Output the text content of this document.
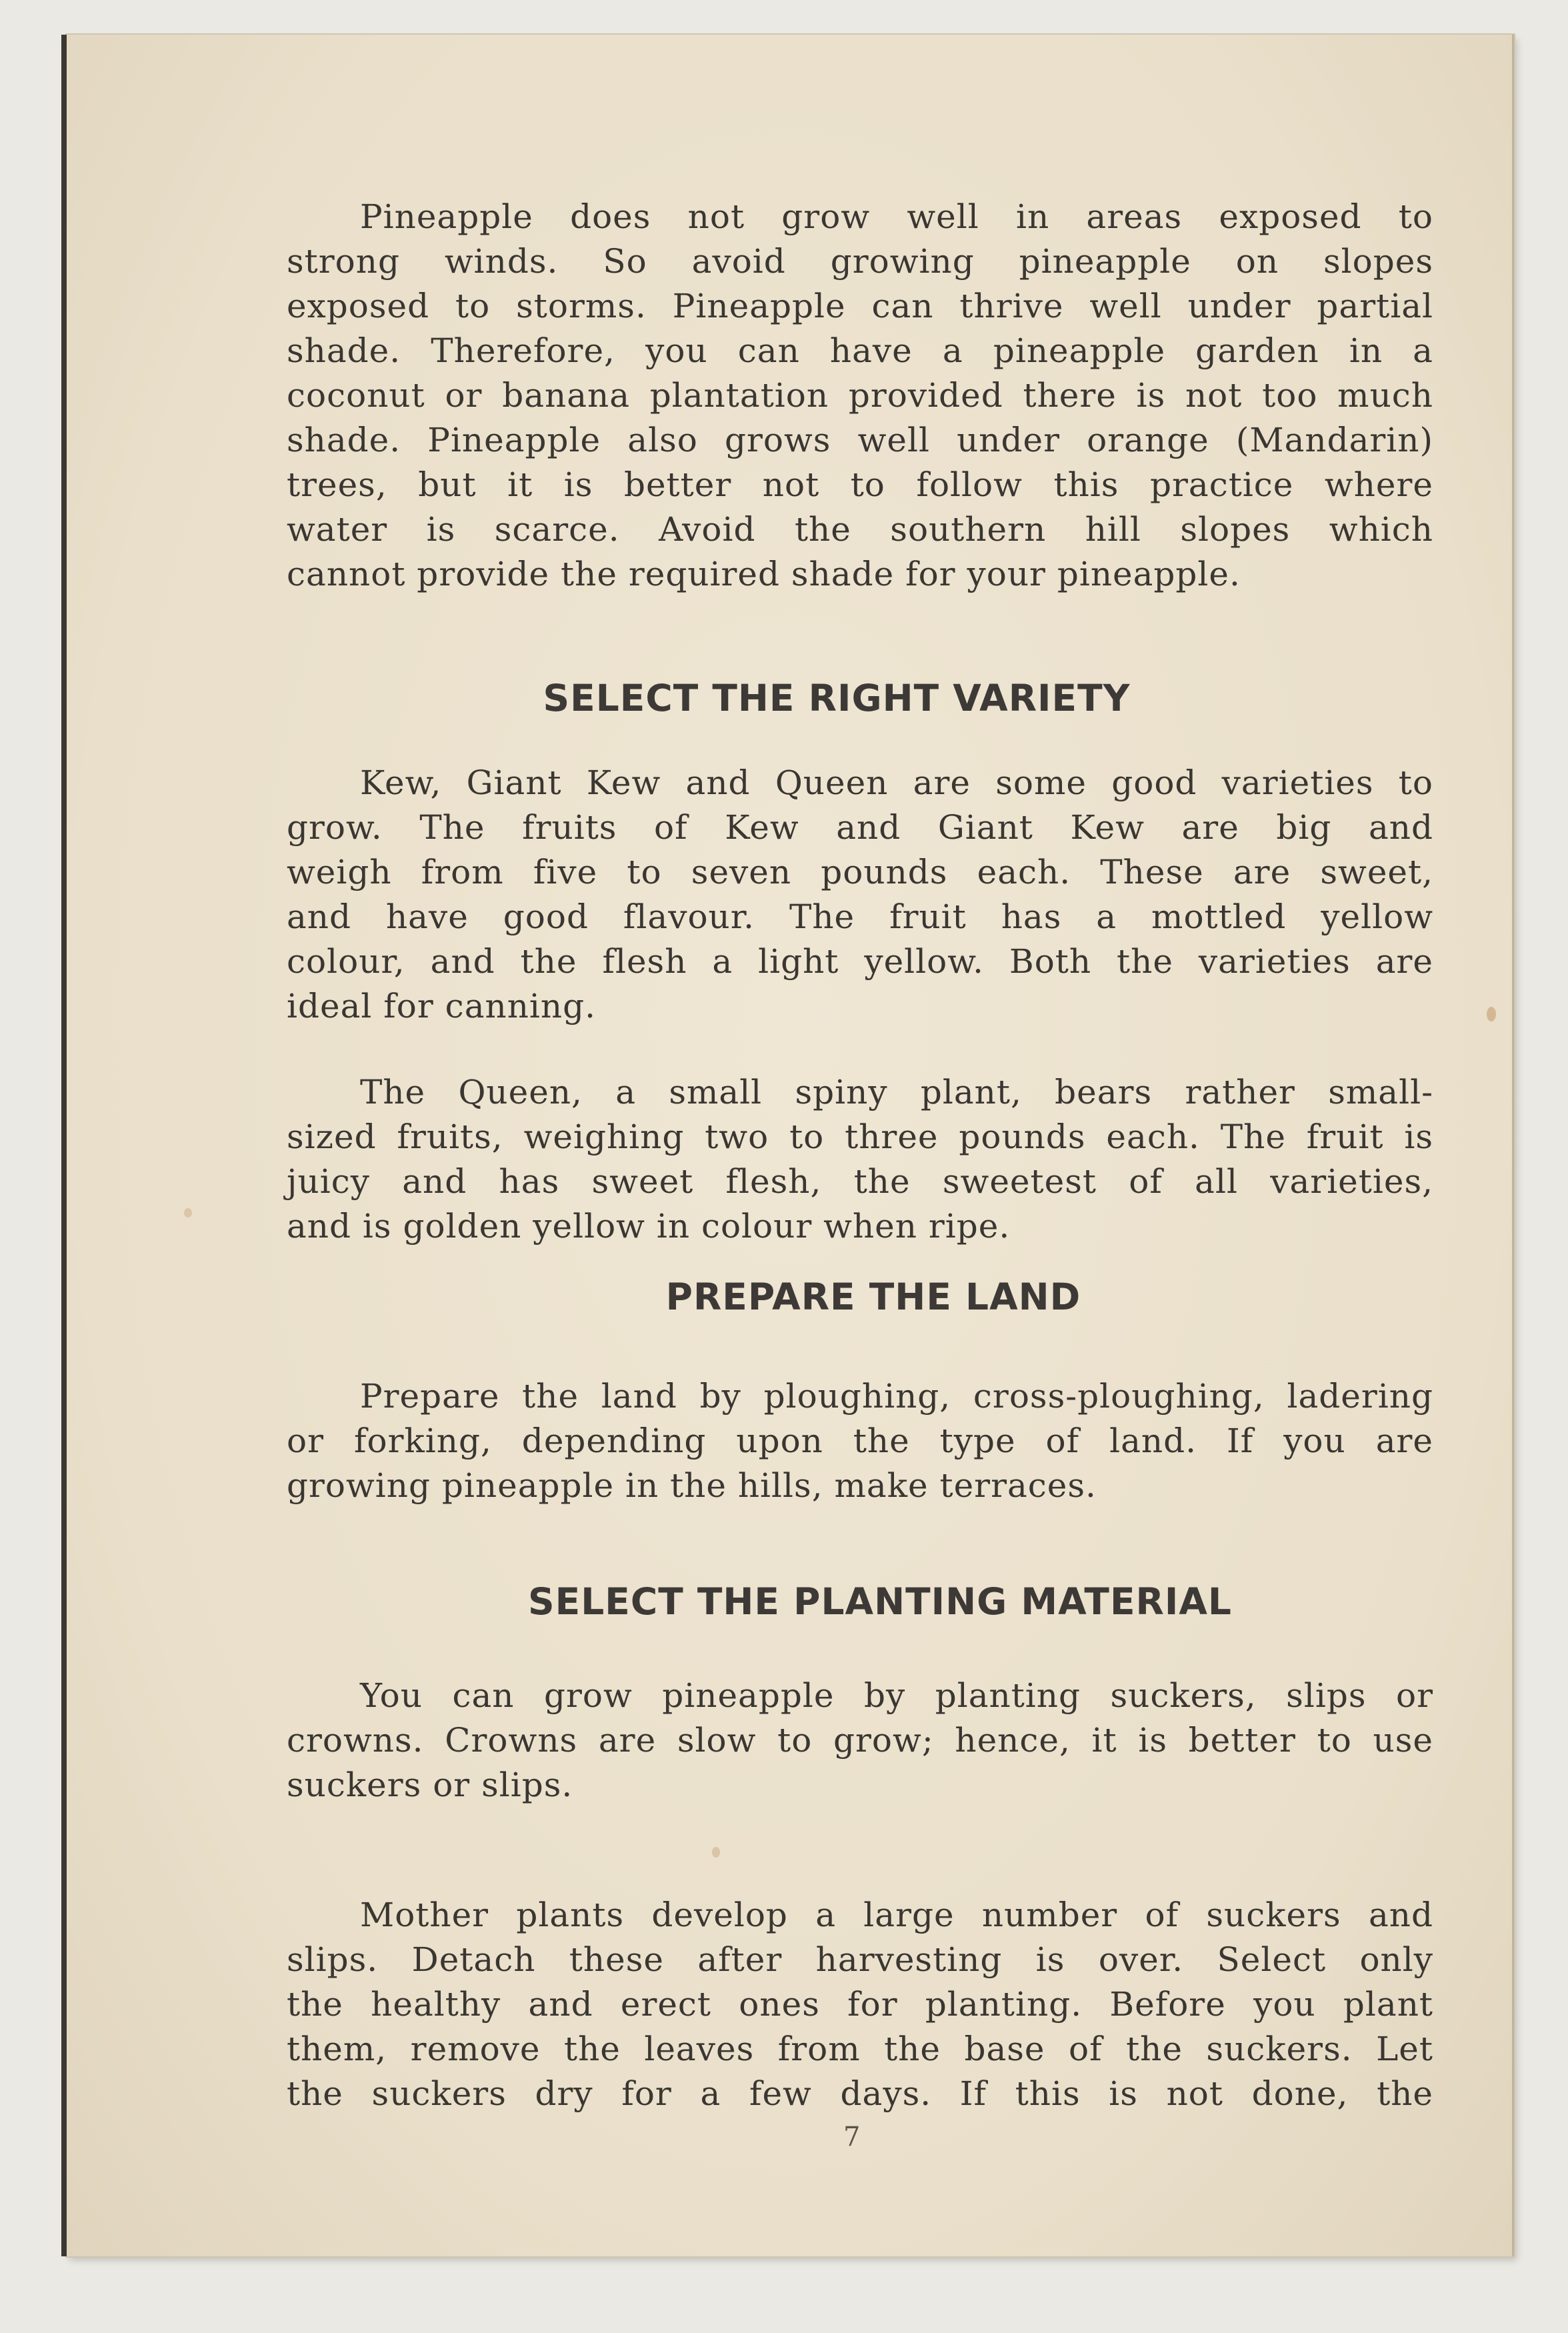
Pineapple does not grow well in areas exposed to
strong winds. So avoid growing pineapple on slopes
exposed to storms. Pineapple can thrive well under partial
shade. Therefore, you can have a pineapple garden in a
coconut or banana plantation provided there is not too much
shade. Pineapple also grows well under orange (Mandarin)
trees, but it is better not to follow this practice where
water is scarce. Avoid the southern hill slopes which
cannot provide the required shade for your pineapple.
SELECT THE RIGHT VARIETY
Kew, Giant Kew and Queen are some good varieties to
grow. The fruits of Kew and Giant Kew are big and
weigh from five to seven pounds each. These are sweet,
and have good flavour. The fruit has a mottled yellow
colour, and the flesh a light yellow. Both the varieties are
ideal for canning.
The Queen, a small spiny plant, bears rather small-
sized fruits, weighing two to three pounds each. The fruit is
juicy and has sweet flesh, the sweetest of all varieties,
and is golden yellow in colour when ripe.
PREPARE THE LAND
Prepare the land by ploughing, cross-ploughing, ladering
or forking, depending upon the type of land. If you are
growing pineapple in the hills, make terraces.
SELECT THE PLANTING MATERIAL
You can grow pineapple by planting suckers, slips or
crowns. Crowns are slow to grow; hence, it is better to use
suckers or slips.
Mother plants develop a large number of suckers and
slips. Detach these after harvesting is over. Select only
the healthy and erect ones for planting. Before you plant
them, remove the leaves from the base of the suckers. Let
the suckers dry for a few days. If this is not done, the
7
